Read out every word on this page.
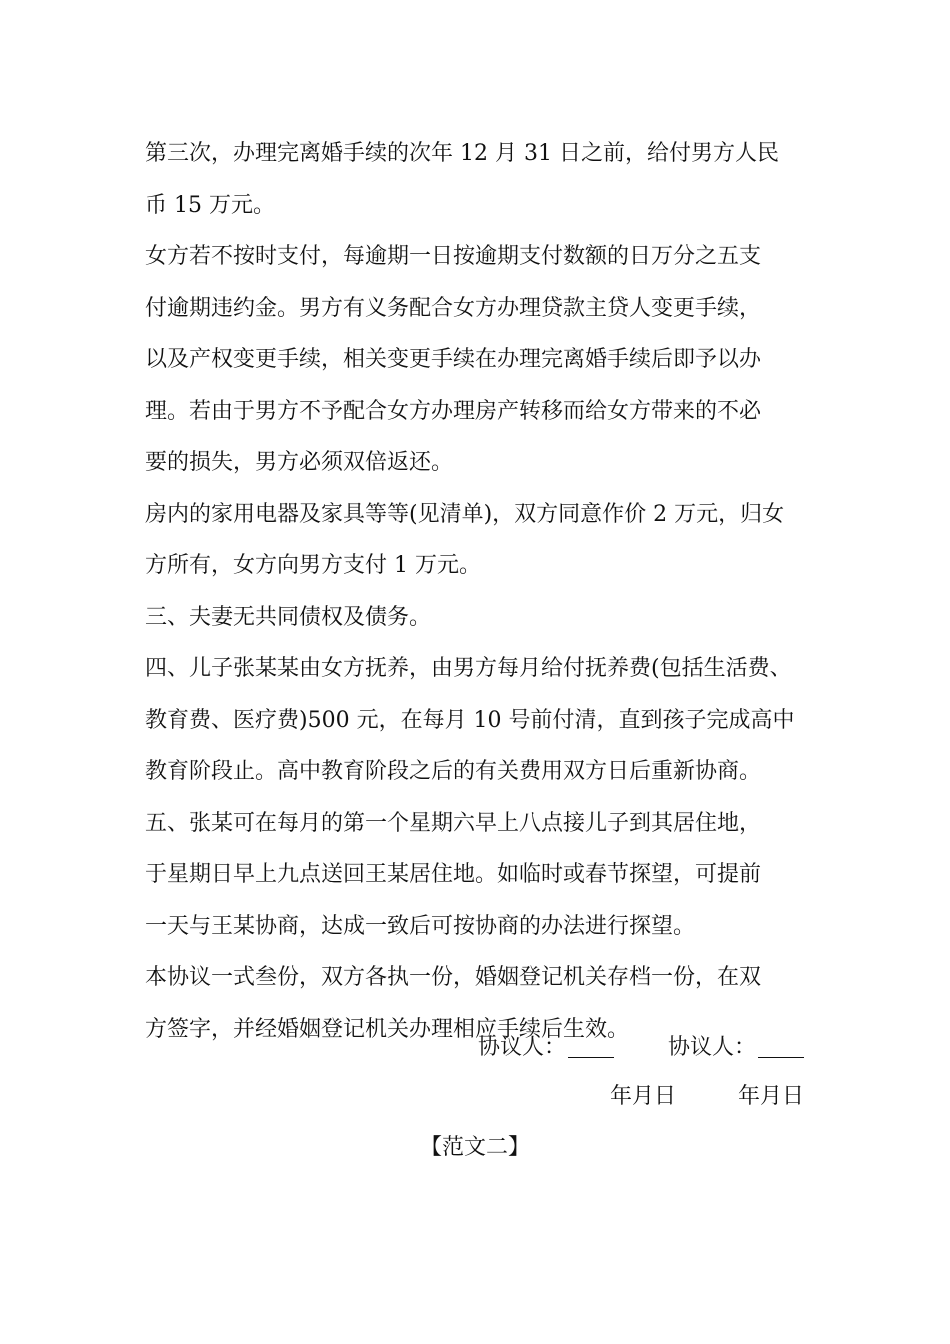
第三次，办理完离婚手续的次年 12 月 31 日之前，给付男方人民
币 15 万元。
女方若不按时支付，每逾期一日按逾期支付数额的日万分之五支
付逾期违约金。男方有义务配合女方办理贷款主贷人变更手续，
以及产权变更手续，相关变更手续在办理完离婚手续后即予以办
理。若由于男方不予配合女方办理房产转移而给女方带来的不必
要的损失，男方必须双倍返还。
房内的家用电器及家具等等(见清单)，双方同意作价 2 万元，归女
方所有，女方向男方支付 1 万元。
三、夫妻无共同债权及债务。
四、儿子张某某由女方抚养，由男方每月给付抚养费(包括生活费、
教育费、医疗费)500 元，在每月 10 号前付清，直到孩子完成高中
教育阶段止。高中教育阶段之后的有关费用双方日后重新协商。
五、张某可在每月的第一个星期六早上八点接儿子到其居住地，
于星期日早上九点送回王某居住地。如临时或春节探望，可提前
一天与王某协商，达成一致后可按协商的办法进行探望。
本协议一式叁份，双方各执一份，婚姻登记机关存档一份，在双
方签字，并经婚姻登记机关办理相应手续后生效。
协议人：	协议人：
年月日	年月日
【范文二】
